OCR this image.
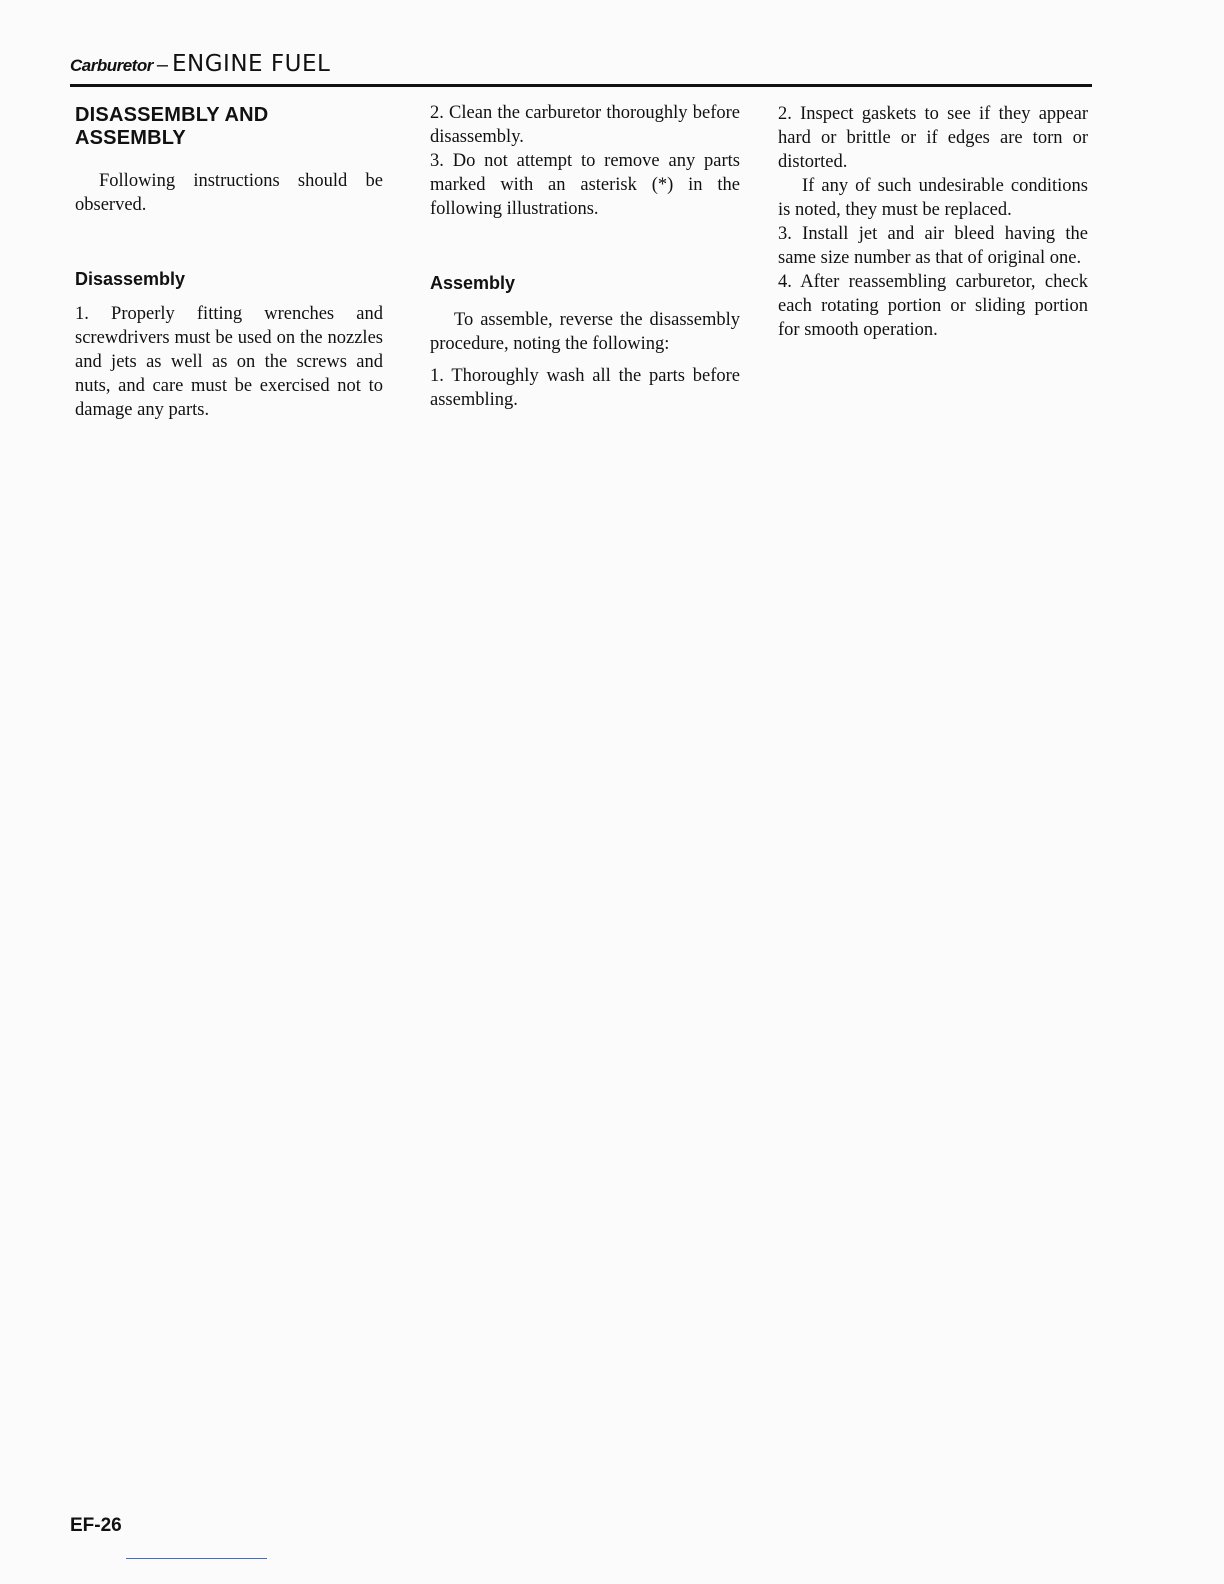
Carburetor – ENGINE FUEL
DISASSEMBLY AND ASSEMBLY

Following instructions should be observed.

Disassembly

1. Properly fitting wrenches and screwdrivers must be used on the nozzles and jets as well as on the screws and nuts, and care must be exercised not to damage any parts.

2. Clean the carburetor thoroughly before disassembly.

3. Do not attempt to remove any parts marked with an asterisk (*) in the following illustrations.

Assembly

To assemble, reverse the disassembly procedure, noting the following:

1. Thoroughly wash all the parts before assembling.

2. Inspect gaskets to see if they appear hard or brittle or if edges are torn or distorted.

If any of such undesirable conditions is noted, they must be replaced.

3. Install jet and air bleed having the same size number as that of original one.

4. After reassembling carburetor, check each rotating portion or sliding portion for smooth operation.

EF-26
